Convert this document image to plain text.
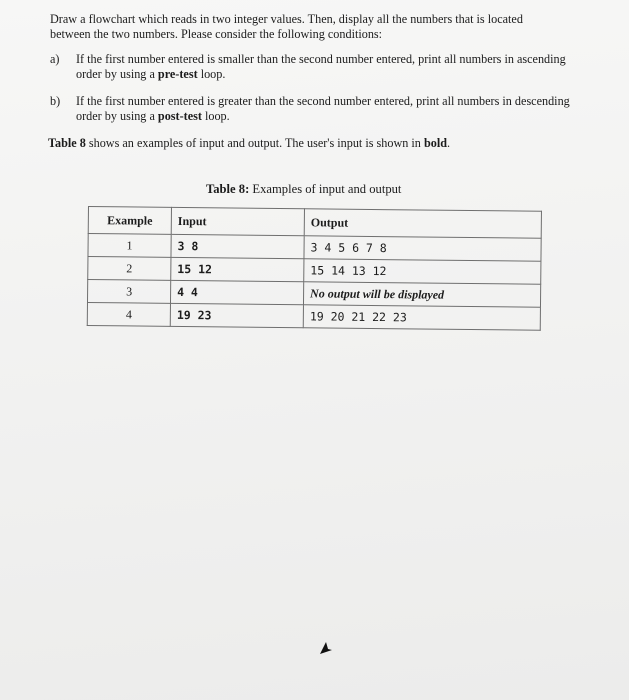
Draw a flowchart which reads in two integer values. Then, display all the numbers that is located
between the two numbers. Please consider the following conditions:
a) If the first number entered is smaller than the second number entered, print all numbers in ascending order by using a pre-test loop.
b) If the first number entered is greater than the second number entered, print all numbers in descending order by using a post-test loop.
Table 8 shows an examples of input and output. The user's input is shown in bold.
Table 8: Examples of input and output
Example	Input	Output
1	3 8	3 4 5 6 7 8
2	15 12	15 14 13 12
3	4 4	No output will be displayed
4	19 23	19 20 21 22 23
